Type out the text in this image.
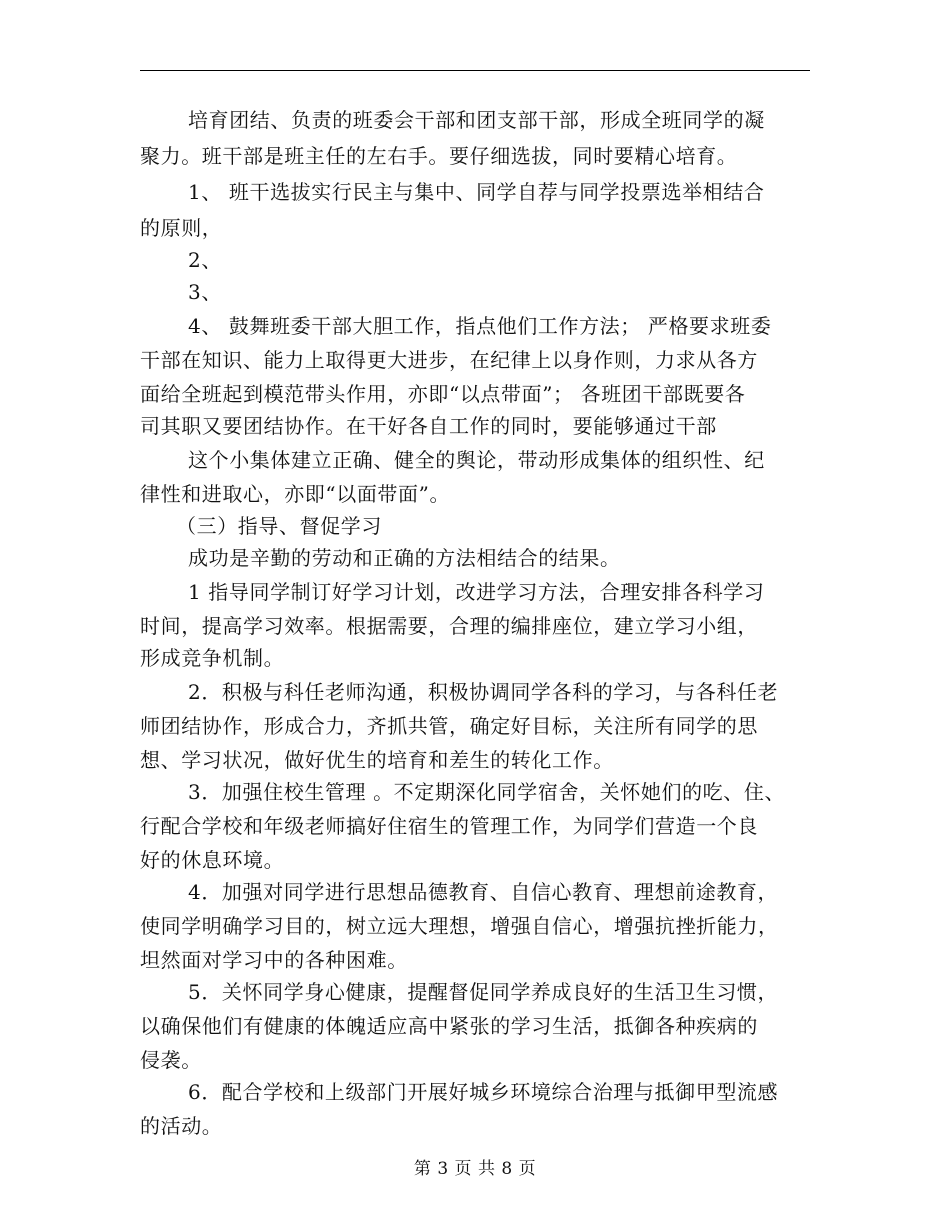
培育团结、负责的班委会干部和团支部干部，形成全班同学的凝
聚力。班干部是班主任的左右手。要仔细选拔，同时要精心培育。
1、 班干选拔实行民主与集中、同学自荐与同学投票选举相结合
的原则，
2、
3、
4、 鼓舞班委干部大胆工作，指点他们工作方法； 严格要求班委
干部在知识、能力上取得更大进步，在纪律上以身作则，力求从各方
面给全班起到模范带头作用，亦即“以点带面”； 各班团干部既要各
司其职又要团结协作。在干好各自工作的同时，要能够通过干部
这个小集体建立正确、健全的舆论，带动形成集体的组织性、纪
律性和进取心，亦即“以面带面”。
（三）指导、督促学习
成功是辛勤的劳动和正确的方法相结合的结果。
1 指导同学制订好学习计划，改进学习方法，合理安排各科学习
时间，提高学习效率。根据需要，合理的编排座位，建立学习小组，
形成竞争机制。
2．积极与科任老师沟通，积极协调同学各科的学习，与各科任老
师团结协作，形成合力，齐抓共管，确定好目标，关注所有同学的思
想、学习状况，做好优生的培育和差生的转化工作。
3．加强住校生管理 。不定期深化同学宿舍，关怀她们的吃、住、
行配合学校和年级老师搞好住宿生的管理工作，为同学们营造一个良
好的休息环境。
4．加强对同学进行思想品德教育、自信心教育、理想前途教育，
使同学明确学习目的，树立远大理想，增强自信心，增强抗挫折能力，
坦然面对学习中的各种困难。
5．关怀同学身心健康，提醒督促同学养成良好的生活卫生习惯，
以确保他们有健康的体魄适应高中紧张的学习生活，抵御各种疾病的
侵袭。
6．配合学校和上级部门开展好城乡环境综合治理与抵御甲型流感
的活动。
第 3 页 共 8 页
